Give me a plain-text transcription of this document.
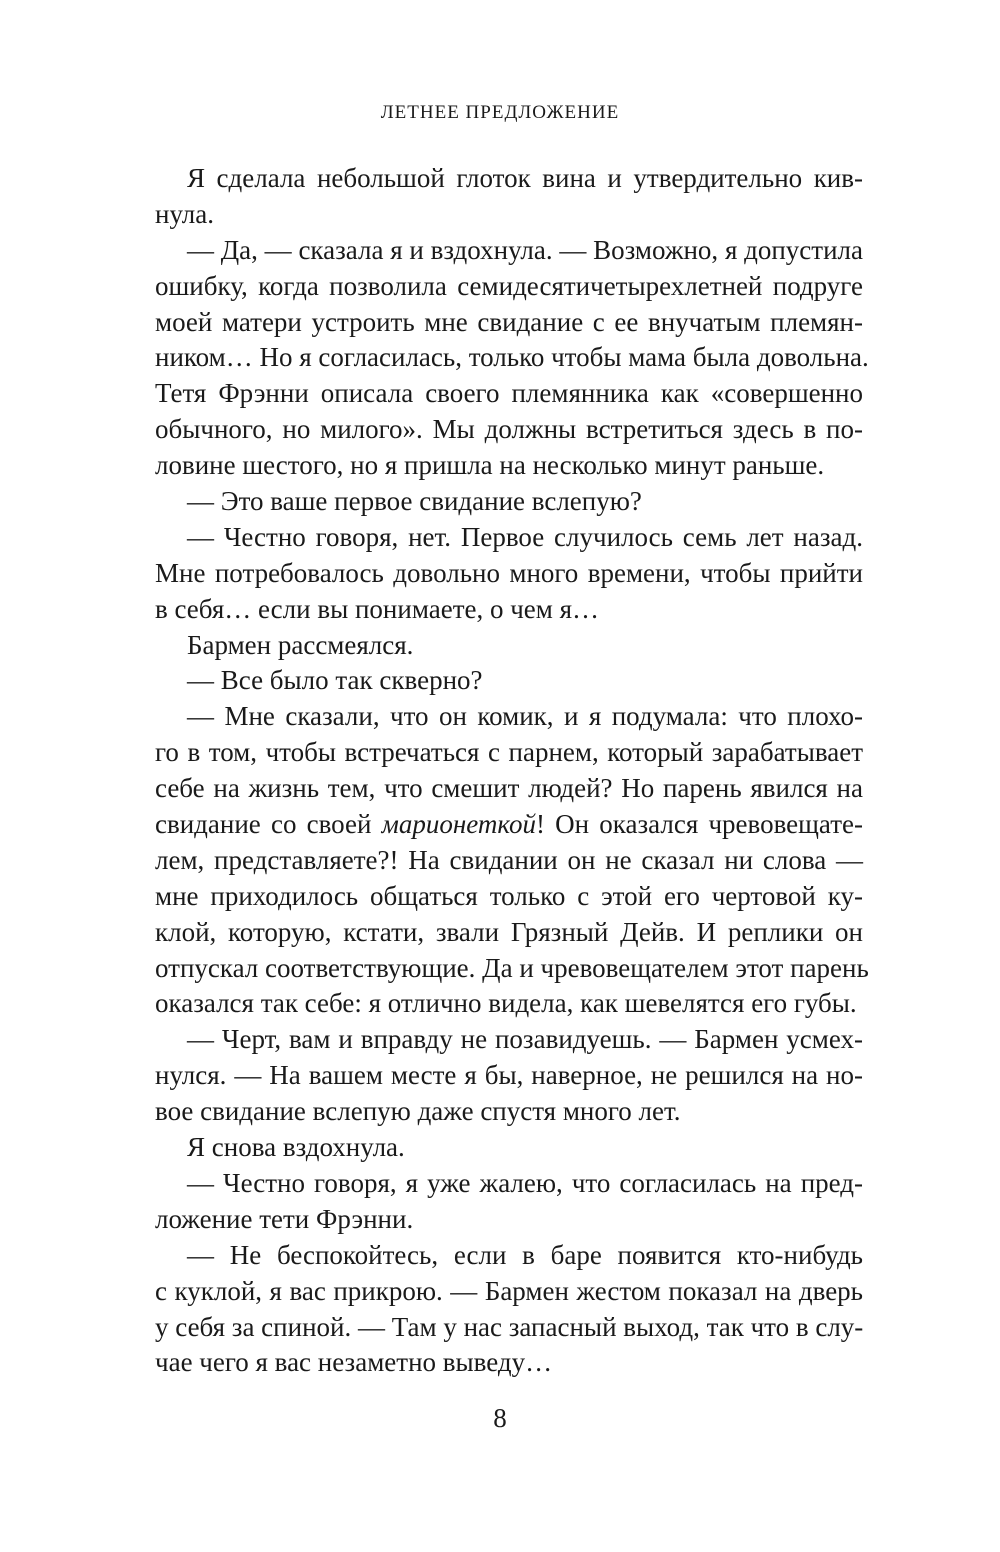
ЛЕТНЕЕ ПРЕДЛОЖЕНИЕ
Я сделала небольшой глоток вина и утвердительно кив-
нула.
— Да, — сказала я и вздохнула. — Возможно, я допустила
ошибку, когда позволила семидесятичетырехлетней подруге
моей матери устроить мне свидание с ее внучатым племян-
ником… Но я согласилась, только чтобы мама была довольна.
Тетя Фрэнни описала своего племянника как «совершенно
обычного, но милого». Мы должны встретиться здесь в по-
ловине шестого, но я пришла на несколько минут раньше.
— Это ваше первое свидание вслепую?
— Честно говоря, нет. Первое случилось семь лет назад.
Мне потребовалось довольно много времени, чтобы прийти
в себя… если вы понимаете, о чем я…
Бармен рассмеялся.
— Все было так скверно?
— Мне сказали, что он комик, и я подумала: что плохо-
го в том, чтобы встречаться с парнем, который зарабатывает
себе на жизнь тем, что смешит людей? Но парень явился на
свидание со своей марионеткой! Он оказался чревовещате-
лем, представляете?! На свидании он не сказал ни слова —
мне приходилось общаться только с этой его чертовой ку-
клой, которую, кстати, звали Грязный Дейв. И реплики он
отпускал соответствующие. Да и чревовещателем этот парень
оказался так себе: я отлично видела, как шевелятся его губы.
— Черт, вам и вправду не позавидуешь. — Бармен усмех-
нулся. — На вашем месте я бы, наверное, не решился на но-
вое свидание вслепую даже спустя много лет.
Я снова вздохнула.
— Честно говоря, я уже жалею, что согласилась на пред-
ложение тети Фрэнни.
— Не беспокойтесь, если в баре появится кто-нибудь
с куклой, я вас прикрою. — Бармен жестом показал на дверь
у себя за спиной. — Там у нас запасный выход, так что в слу-
чае чего я вас незаметно выведу…
8
